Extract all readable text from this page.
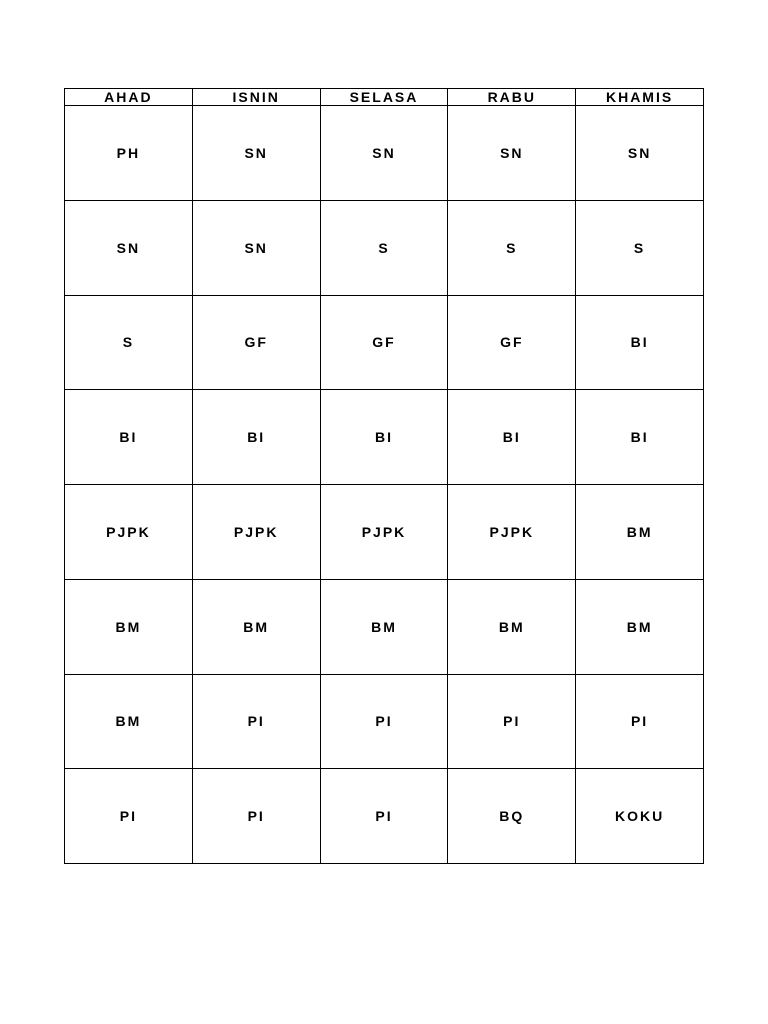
AHAD	ISNIN	SELASA	RABU	KHAMIS
PH	SN	SN	SN	SN
SN	SN	S	S	S
S	GF	GF	GF	BI
BI	BI	BI	BI	BI
PJPK	PJPK	PJPK	PJPK	BM
BM	BM	BM	BM	BM
BM	PI	PI	PI	PI
PI	PI	PI	BQ	KOKU
